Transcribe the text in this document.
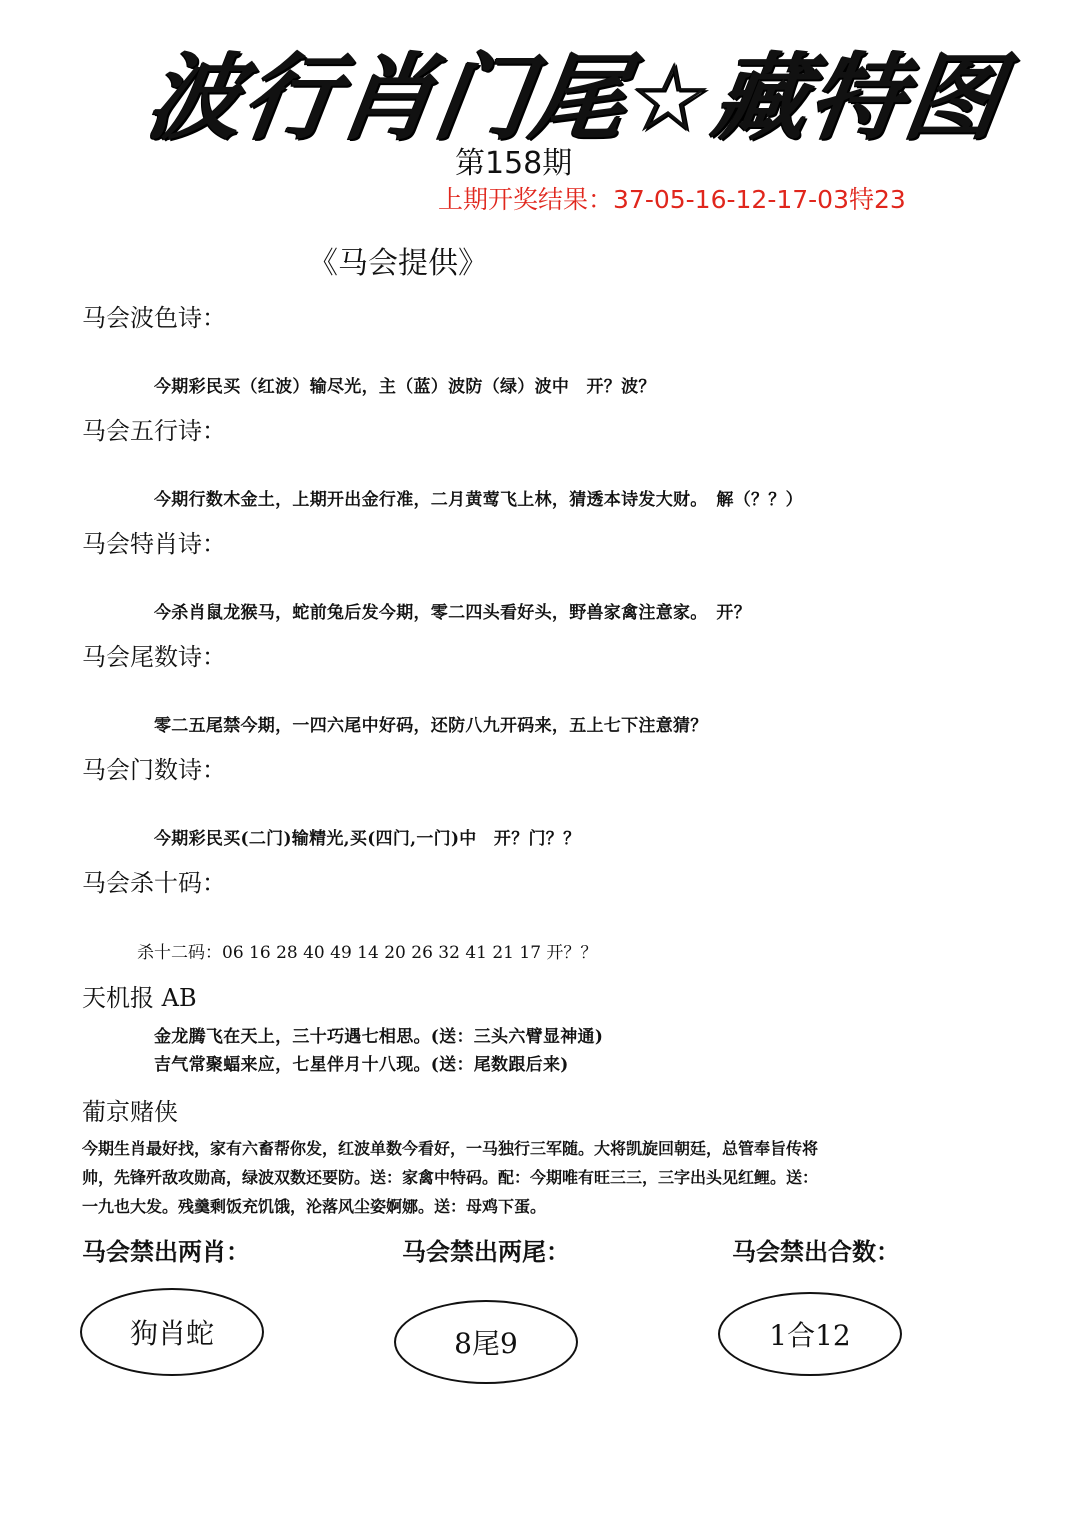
波行肖门尾☆藏特图
第158期
上期开奖结果：37-05-16-12-17-03特23
《马会提供》
马会波色诗：
今期彩民买（红波）输尽光，主（蓝）波防（绿）波中　开？波？
马会五行诗：
今期行数木金土，上期开出金行准，二月黄莺飞上林，猜透本诗发大财。　解（？？）
马会特肖诗：
今杀肖鼠龙猴马，蛇前兔后发今期，零二四头看好头，野兽家禽注意家。　开？
马会尾数诗：
零二五尾禁今期，一四六尾中好码，还防八九开码来，五上七下注意猜？
马会门数诗：
今期彩民买(二门)输精光,买(四门,一门)中　开？门？？
马会杀十码：
杀十二码：06 16 28 40 49 14 20 26 32 41 21 17 开？？
天机报 AB
金龙腾飞在天上，三十巧遇七相思。(送：三头六臂显神通)
吉气常聚蝠来应，七星伴月十八现。(送：尾数跟后来)
葡京赌侠
今期生肖最好找，家有六畜帮你发，红波单数今看好，一马独行三军随。大将凯旋回朝廷，总管奉旨传将
帅，先锋歼敌攻勋高，绿波双数还要防。送：家禽中特码。配：今期唯有旺三三，三字出头见红鲤。送：
一九也大发。残羹剩饭充饥饿，沦落风尘姿婀娜。送：母鸡下蛋。
马会禁出两肖：	马会禁出两尾：	马会禁出合数：
狗肖蛇	8尾9	1合12
